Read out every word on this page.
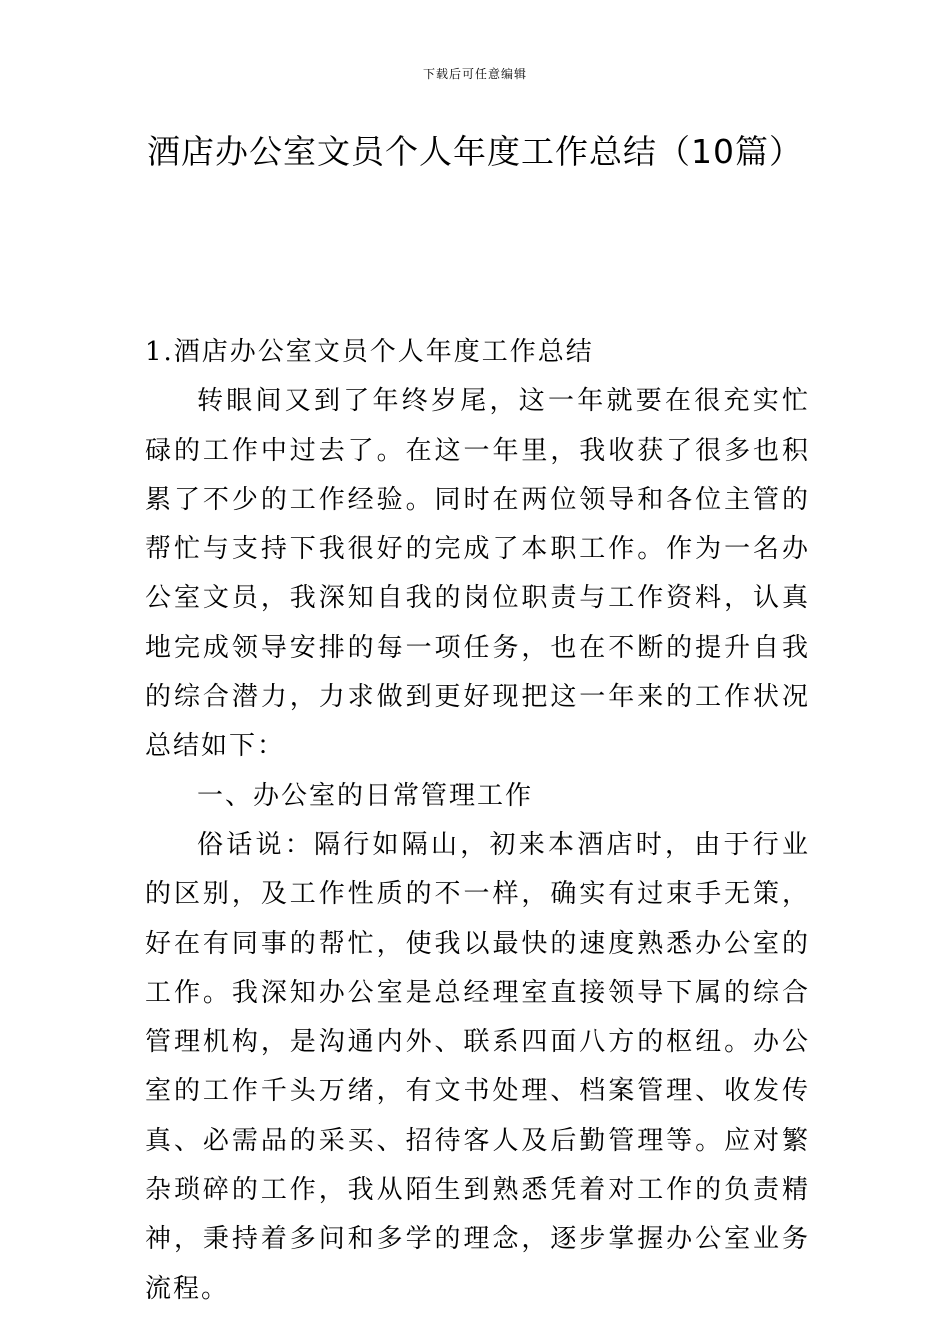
下载后可任意编辑
酒店办公室文员个人年度工作总结（10篇）

1.酒店办公室文员个人年度工作总结

转眼间又到了年终岁尾，这一年就要在很充实忙碌的工作中过去了。在这一年里，我收获了很多也积累了不少的工作经验。同时在两位领导和各位主管的帮忙与支持下我很好的完成了本职工作。作为一名办公室文员，我深知自我的岗位职责与工作资料，认真地完成领导安排的每一项任务，也在不断的提升自我的综合潜力，力求做到更好现把这一年来的工作状况总结如下：

一、办公室的日常管理工作

俗话说：隔行如隔山，初来本酒店时，由于行业的区别，及工作性质的不一样，确实有过束手无策，好在有同事的帮忙，使我以最快的速度熟悉办公室的工作。我深知办公室是总经理室直接领导下属的综合管理机构，是沟通内外、联系四面八方的枢纽。办公室的工作千头万绪，有文书处理、档案管理、收发传真、必需品的采买、招待客人及后勤管理等。应对繁杂琐碎的工作，我从陌生到熟悉凭着对工作的负责精神，秉持着多问和多学的理念，逐步掌握办公室业务流程。
